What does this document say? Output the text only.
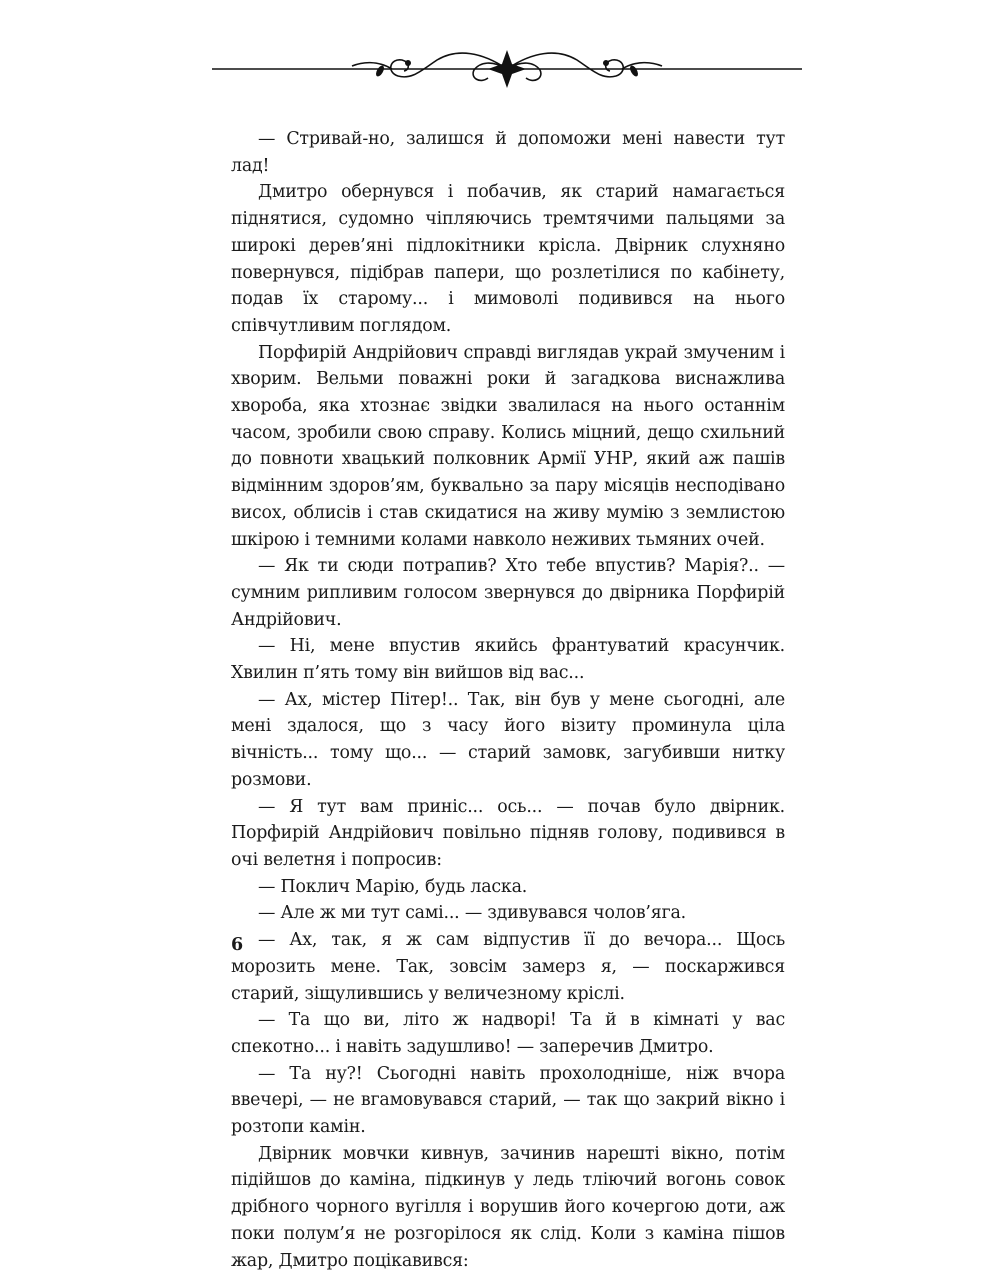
— Стривай-но, залишся й допоможи мені навести тут лад!

Дмитро обернувся і побачив, як старий намагається піднятися, судомно чіпляючись тремтячими пальцями за широкі дерев’яні підлокітники крісла. Двірник слухняно повернувся, підібрав папери, що розлетілися по кабінету, подав їх старому... і мимоволі подивився на нього співчутливим поглядом.

Порфирій Андрійович справді виглядав украй змученим і хворим. Вельми поважні роки й загадкова виснажлива хвороба, яка хтознає звідки звалилася на нього останнім часом, зробили свою справу. Колись міцний, дещо схильний до повноти хвацький полковник Армії УНР, який аж пашів відмінним здоров’ям, буквально за пару місяців несподівано висох, облисів і став скидатися на живу мумію з землистою шкірою і темними колами навколо неживих тьмяних очей.

— Як ти сюди потрапив? Хто тебе впустив? Марія?.. — сумним рипливим голосом звернувся до двірника Порфирій Андрійович.

— Ні, мене впустив якийсь франтуватий красунчик. Хвилин п’ять тому він вийшов від вас...

— Ах, містер Пітер!.. Так, він був у мене сьогодні, але мені здалося, що з часу його візиту проминула ціла вічність... тому що... — старий замовк, загубивши нитку розмови.

— Я тут вам приніс... ось... — почав було двірник. Порфирій Андрійович повільно підняв голову, подивився в очі велетня і попросив:

— Поклич Марію, будь ласка.

— Але ж ми тут самі... — здивувався чолов’яга.

— Ах, так, я ж сам відпустив її до вечора... Щось морозить мене. Так, зовсім замерз я, — поскаржився старий, зіщулившись у величезному кріслі.

— Та що ви, літо ж надворі! Та й в кімнаті у вас спекотно... і навіть задушливо! — заперечив Дмитро.

— Та ну?! Сьогодні навіть прохолодніше, ніж вчора ввечері, — не вгамовувався старий, — так що закрий вікно і розтопи камін.

Двірник мовчки кивнув, зачинив нарешті вікно, потім підійшов до каміна, підкинув у ледь тліючий вогонь совок дрібного чорного вугілля і ворушив його кочергою доти, аж поки полум’я не розгорілося як слід. Коли з каміна пішов жар, Дмитро поцікавився:

6
